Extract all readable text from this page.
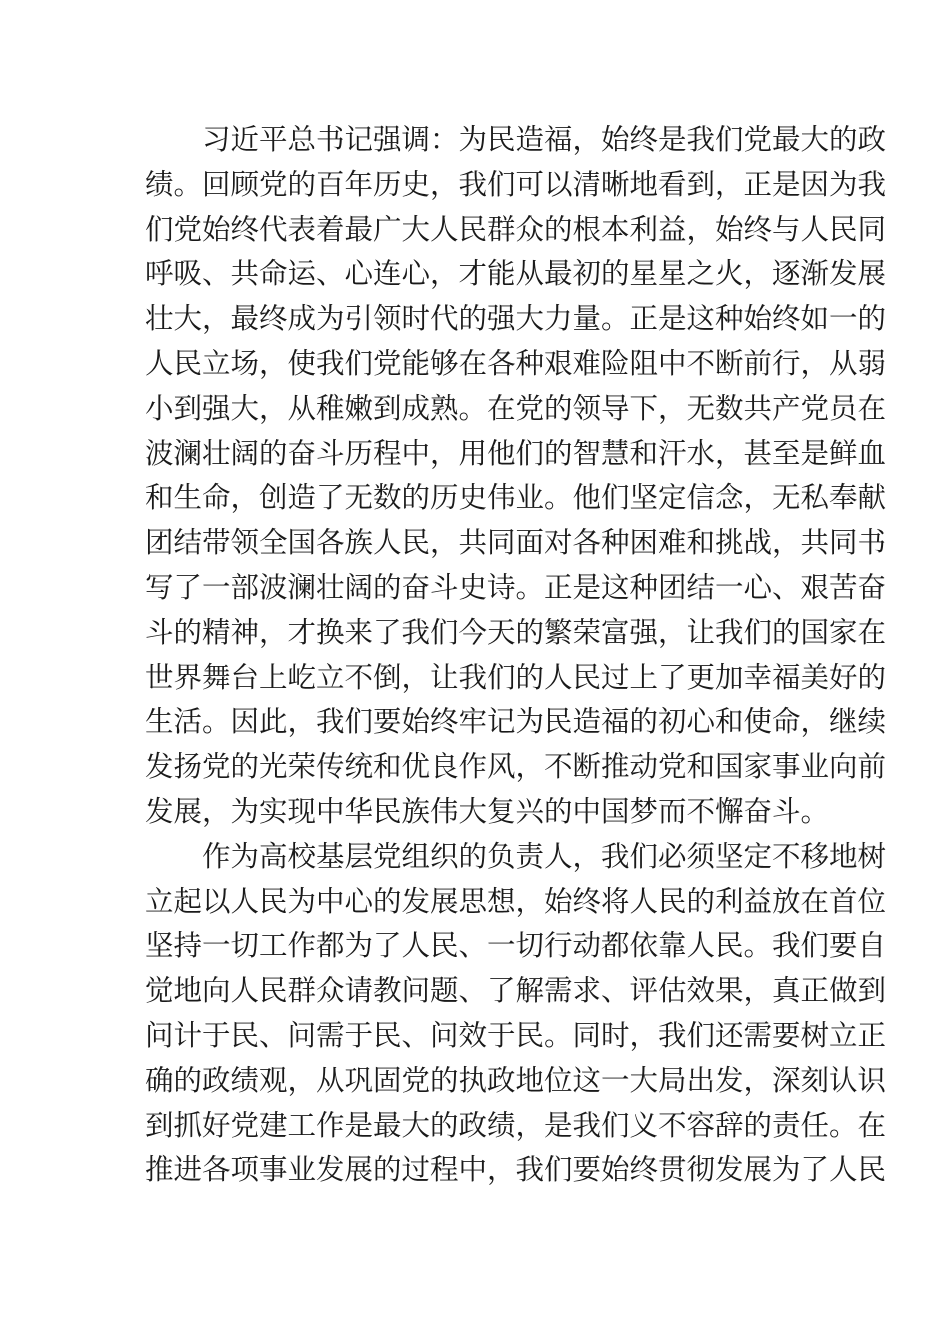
习近平总书记强调：为民造福，始终是我们党最大的政
绩。回顾党的百年历史，我们可以清晰地看到，正是因为我
们党始终代表着最广大人民群众的根本利益，始终与人民同
呼吸、共命运、心连心，才能从最初的星星之火，逐渐发展
壮大，最终成为引领时代的强大力量。正是这种始终如一的
人民立场，使我们党能够在各种艰难险阻中不断前行，从弱
小到强大，从稚嫩到成熟。在党的领导下，无数共产党员在
波澜壮阔的奋斗历程中，用他们的智慧和汗水，甚至是鲜血
和生命，创造了无数的历史伟业。他们坚定信念，无私奉献
团结带领全国各族人民，共同面对各种困难和挑战，共同书
写了一部波澜壮阔的奋斗史诗。正是这种团结一心、艰苦奋
斗的精神，才换来了我们今天的繁荣富强，让我们的国家在
世界舞台上屹立不倒，让我们的人民过上了更加幸福美好的
生活。因此，我们要始终牢记为民造福的初心和使命，继续
发扬党的光荣传统和优良作风，不断推动党和国家事业向前
发展，为实现中华民族伟大复兴的中国梦而不懈奋斗。
作为高校基层党组织的负责人，我们必须坚定不移地树
立起以人民为中心的发展思想，始终将人民的利益放在首位
坚持一切工作都为了人民、一切行动都依靠人民。我们要自
觉地向人民群众请教问题、了解需求、评估效果，真正做到
问计于民、问需于民、问效于民。同时，我们还需要树立正
确的政绩观，从巩固党的执政地位这一大局出发，深刻认识
到抓好党建工作是最大的政绩，是我们义不容辞的责任。在
推进各项事业发展的过程中，我们要始终贯彻发展为了人民
